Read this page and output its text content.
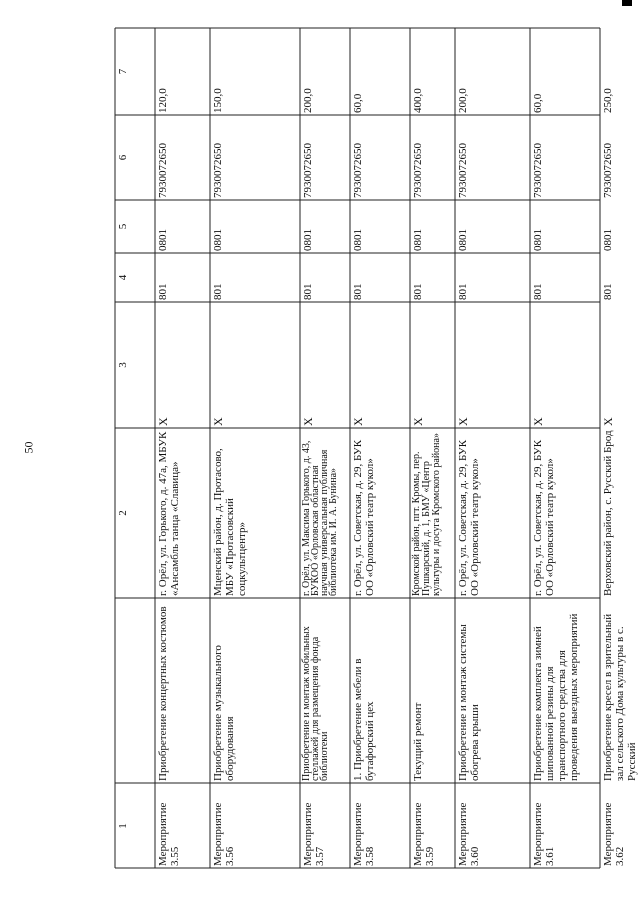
50
7
6
5
4
3
2
1
120,0
7930072650
0801
801
X
г. Орёл, ул. Горького, д. 47а, МБУК «Ансамбль танца «Славица»
Приобретение концертных костюмов
Мероприятие 3.55
150,0
7930072650
0801
801
X
Мценский район, д. Протасово, МБУ «Протасовский соцкультцентр»
Приобретение музыкального оборудования
Мероприятие 3.56
200,0
7930072650
0801
801
X
г. Орёл, ул. Максима Горького, д. 43, БУКОО «Орловская областная научная универсальная публичная библиотека им. И. А. Бунина»
Приобретение и монтаж мобильных стеллажей для размещения фонда библиотеки
Мероприятие 3.57
60,0
7930072650
0801
801
X
г. Орёл, ул. Советская, д. 29, БУК ОО «Орловский театр кукол»
1. Приобретение мебели в бутафорский цех
Мероприятие 3.58
400,0
7930072650
0801
801
X
Кромской район, пгт. Кромы, пер. Пушкарский, д. 1, БМУ «Центр культуры и досуга Кромского района»
Текущий ремонт
Мероприятие 3.59
200,0
7930072650
0801
801
X
г. Орёл, ул. Советская, д. 29, БУК ОО «Орловский театр кукол»
Приобретение и монтаж системы обогрева крыши
Мероприятие 3.60
60,0
7930072650
0801
801
X
г. Орёл, ул. Советская, д. 29, БУК ОО «Орловский театр кукол»
Приобретение комплекта зимней шипованной резины для транспортного средства для проведения выездных мероприятий
Мероприятие 3.61
250,0
7930072650
0801
801
X
Верховский район, с. Русский Брод
Приобретение кресел в зрительный зал сельского Дома культуры в с. Русский
Мероприятие 3.62
